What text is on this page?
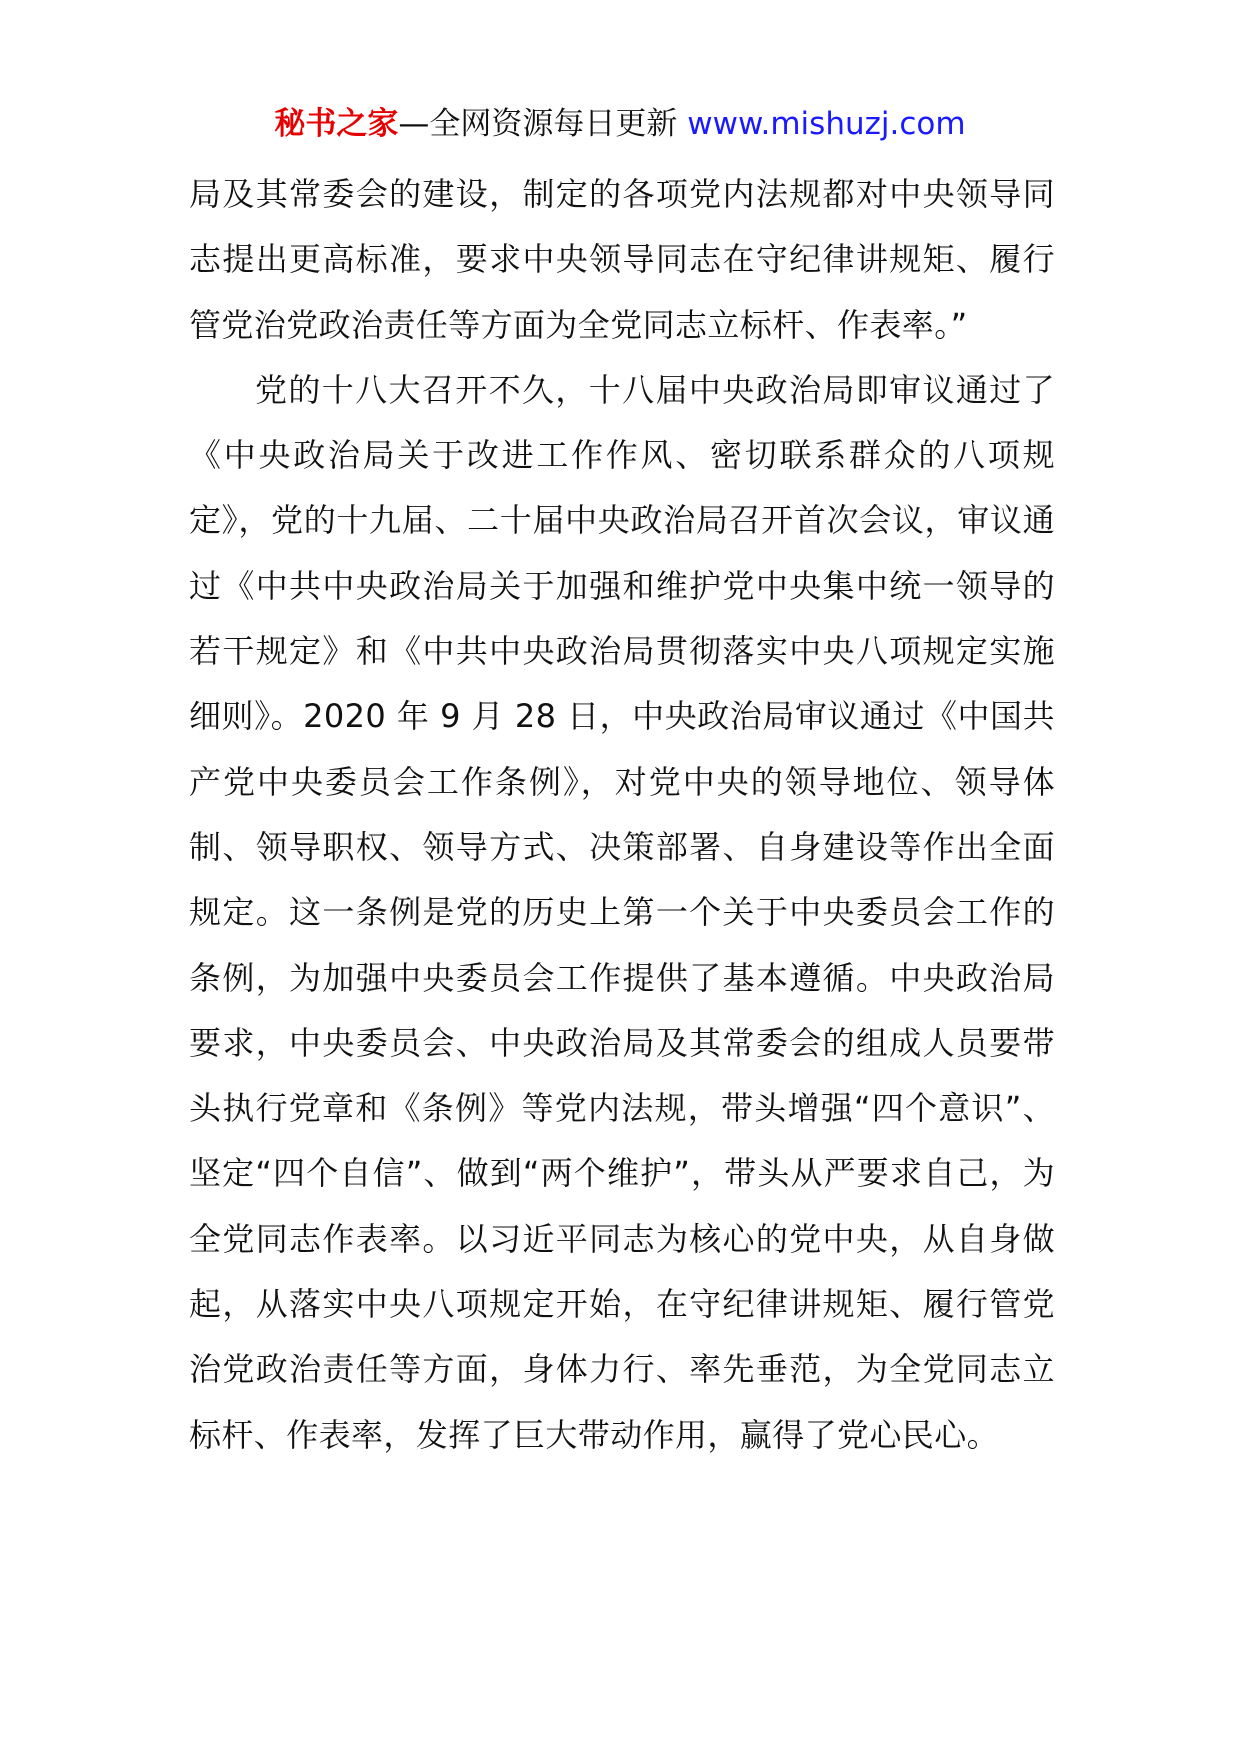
秘书之家—全网资源每日更新 www.mishuzj.com

局及其常委会的建设，制定的各项党内法规都对中央领导同志提出更高标准，要求中央领导同志在守纪律讲规矩、履行管党治党政治责任等方面为全党同志立标杆、作表率。”

党的十八大召开不久，十八届中央政治局即审议通过了《中央政治局关于改进工作作风、密切联系群众的八项规定》，党的十九届、二十届中央政治局召开首次会议，审议通过《中共中央政治局关于加强和维护党中央集中统一领导的若干规定》和《中共中央政治局贯彻落实中央八项规定实施细则》。2020 年 9 月 28 日，中央政治局审议通过《中国共产党中央委员会工作条例》，对党中央的领导地位、领导体制、领导职权、领导方式、决策部署、自身建设等作出全面规定。这一条例是党的历史上第一个关于中央委员会工作的条例，为加强中央委员会工作提供了基本遵循。中央政治局要求，中央委员会、中央政治局及其常委会的组成人员要带头执行党章和《条例》等党内法规，带头增强“四个意识”、坚定“四个自信”、做到“两个维护”，带头从严要求自己，为全党同志作表率。以习近平同志为核心的党中央，从自身做起，从落实中央八项规定开始，在守纪律讲规矩、履行管党治党政治责任等方面，身体力行、率先垂范，为全党同志立标杆、作表率，发挥了巨大带动作用，赢得了党心民心。
